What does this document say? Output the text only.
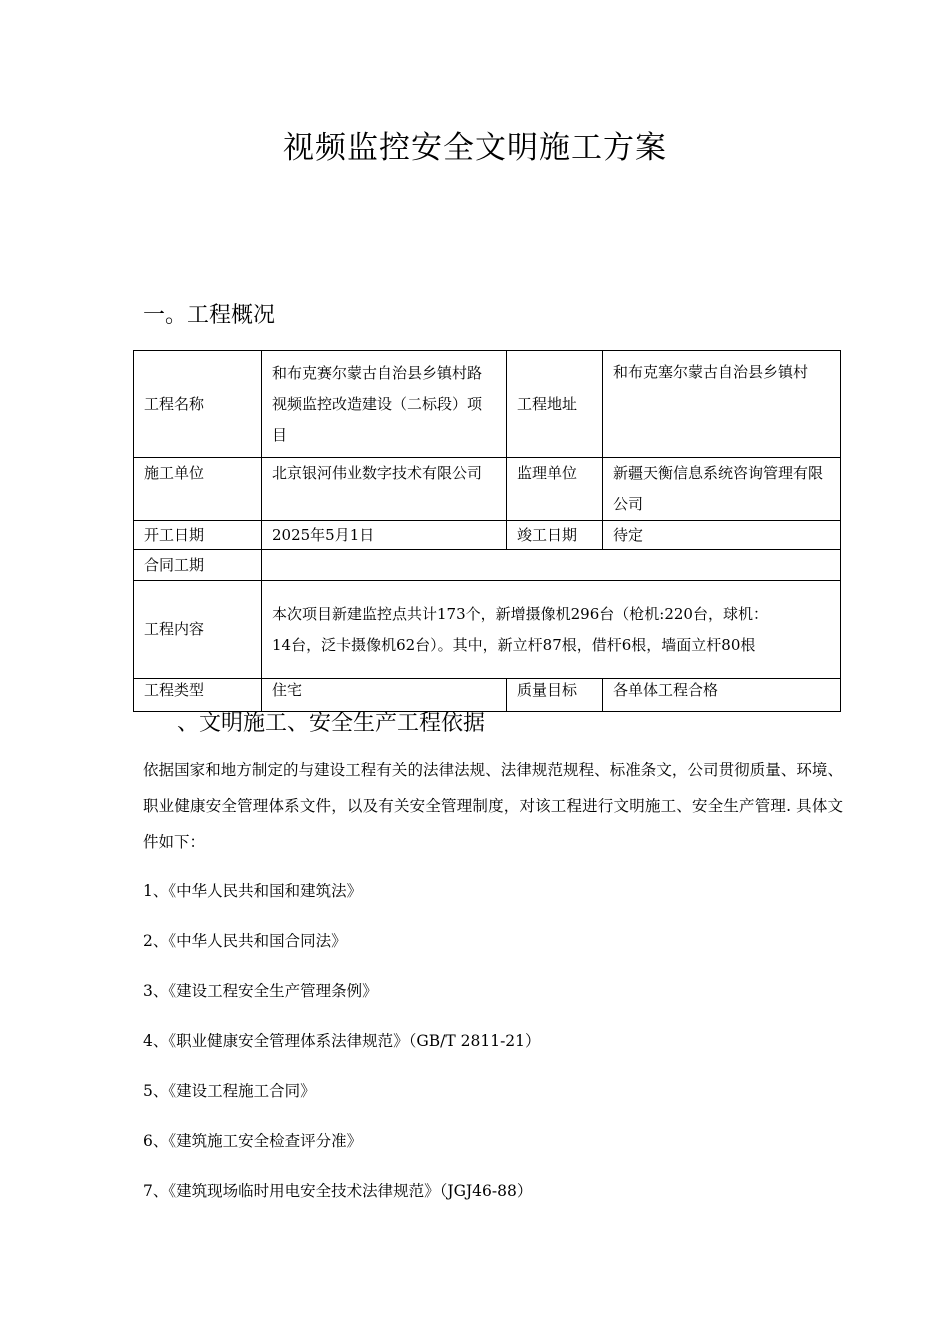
视频监控安全文明施工方案
一。工程概况
工程名称	和布克赛尔蒙古自治县乡镇村路视频监控改造建设（二标段）项目	工程地址	和布克塞尔蒙古自治县乡镇村
施工单位	北京银河伟业数字技术有限公司	监理单位	新疆天衡信息系统咨询管理有限公司
开工日期	2025年5月1日	竣工日期	待定
合同工期			
工程内容	本次项目新建监控点共计173个，新增摄像机296台（枪机:220台，球机：14台，泛卡摄像机62台）。其中，新立杆87根，借杆6根，墙面立杆80根		
工程类型	住宅	质量目标	各单体工程合格
、文明施工、安全生产工程依据
依据国家和地方制定的与建设工程有关的法律法规、法律规范规程、标准条文，公司贯彻质量、环境、职业健康安全管理体系文件，以及有关安全管理制度，对该工程进行文明施工、安全生产管理. 具体文件如下：
1、《中华人民共和国和建筑法》
2、《中华人民共和国合同法》
3、《建设工程安全生产管理条例》
4、《职业健康安全管理体系法律规范》（GB/T 2811-21）
5、《建设工程施工合同》
6、《建筑施工安全检查评分准》
7、《建筑现场临时用电安全技术法律规范》（JGJ46-88）
